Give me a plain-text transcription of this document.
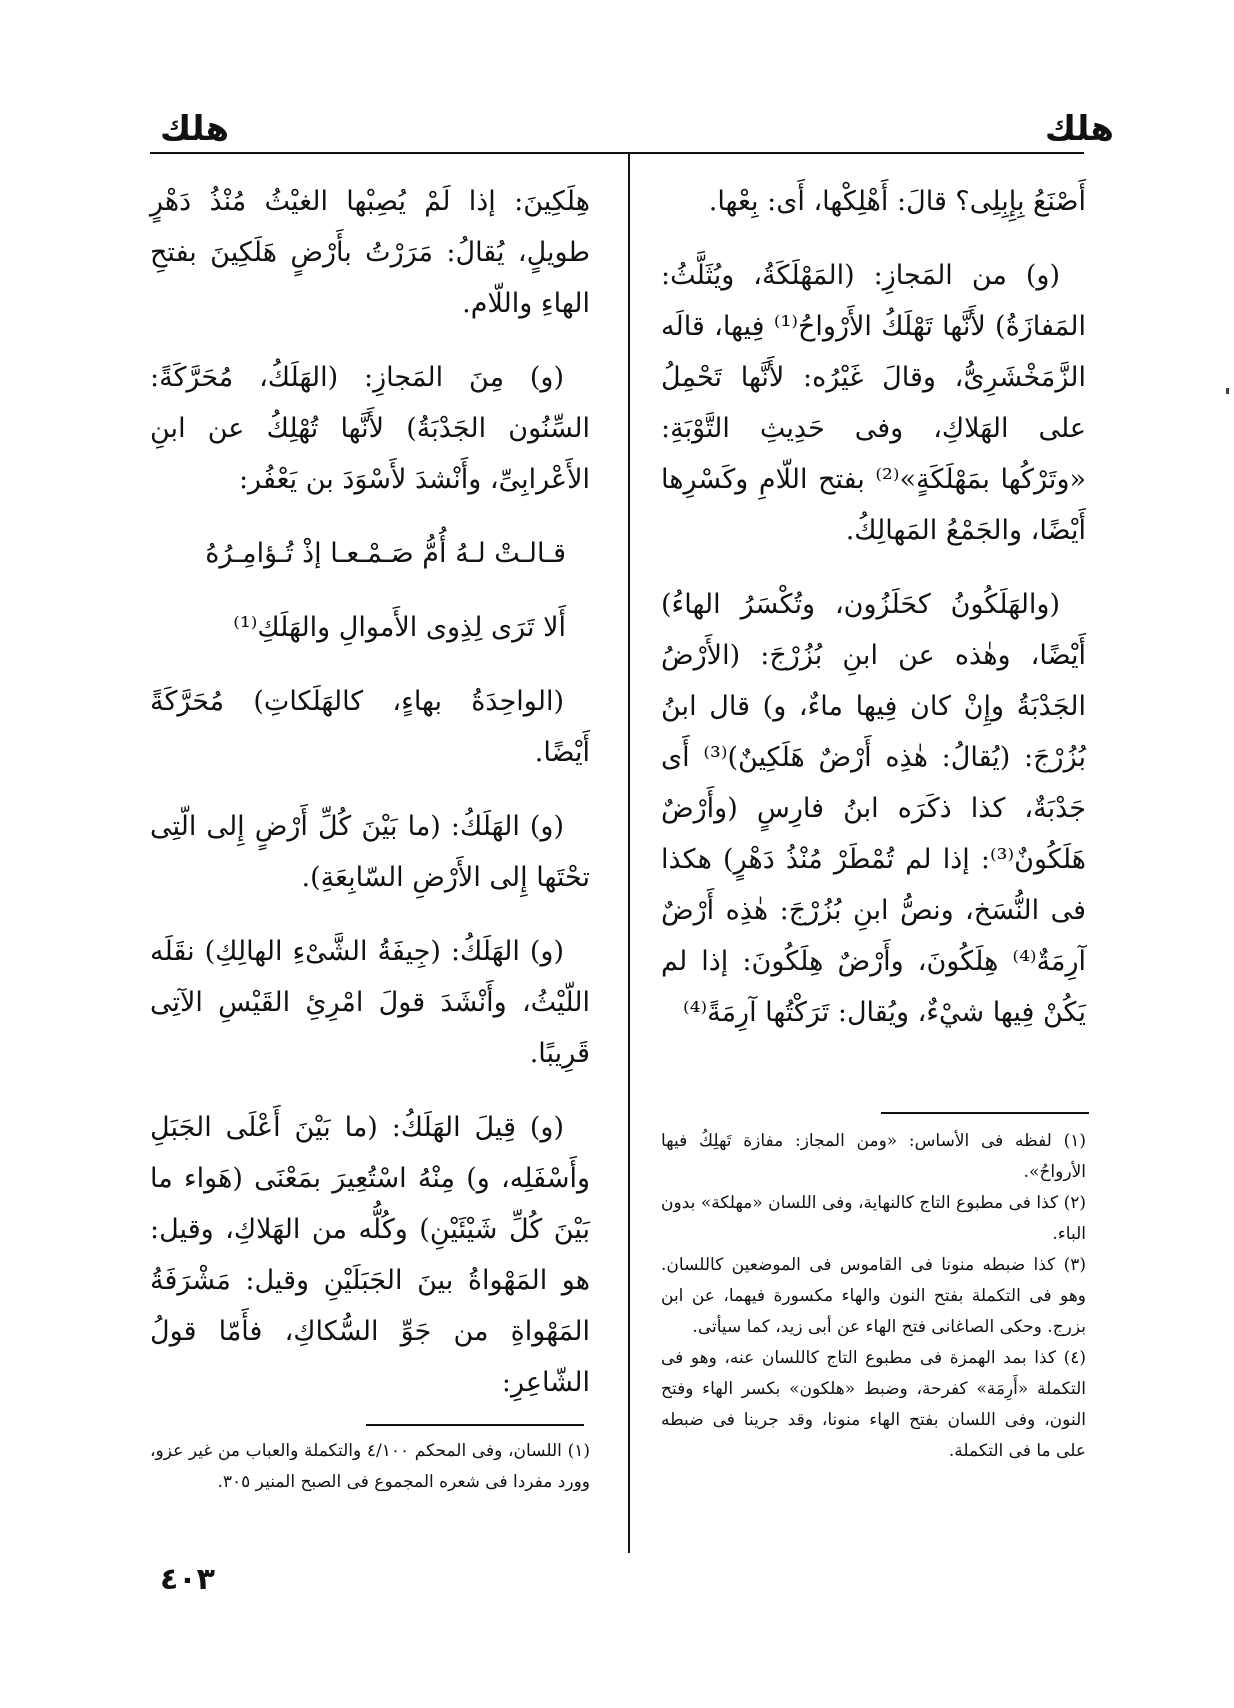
هلك
هلك

أَصْنَعُ بِإِبِلِى؟ قالَ: أَهْلِكْها، أَى: بِعْها.

(و) من المَجازِ: (المَهْلَكَةُ، ويُثَلَّثُ: المَفازَةُ) لأَنَّها تَهْلَكُ الأَرْواحُ⁽¹⁾ فِيها، قالَه الزَّمَخْشَرِىُّ، وقالَ غَيْرُه: لأَنَّها تَحْمِلُ على الهَلاكِ، وفى حَدِيثِ التَّوْبَةِ: «وتَرْكُها بمَهْلَكَةٍ»⁽²⁾ بفتح اللّامِ وكَسْرِها أَيْضًا، والجَمْعُ المَهالِكُ.

(والهَلَكُونُ كحَلَزُون، وتُكْسَرُ الهاءُ) أَيْضًا، وهٰذه عن ابنِ بُزُرْجَ: (الأَرْضُ الجَدْبَةُ وإِنْ كان فِيها ماءٌ، و) قال ابنُ بُزُرْجَ: (يُقالُ: هٰذِه أَرْضٌ هَلَكِينٌ)⁽³⁾ أَى جَدْبَةٌ، كذا ذكَرَه ابنُ فارِسٍ (وأَرْضٌ هَلَكُونٌ⁽³⁾: إذا لم تُمْطَرْ مُنْذُ دَهْرٍ) هكذا فى النُّسَخ، ونصُّ ابنِ بُزُرْجَ: هٰذِه أَرْضٌ آرِمَةٌ⁽⁴⁾ هِلَكُونَ، وأَرْضٌ هِلَكُونَ: إذا لم يَكُنْ فِيها شيْءٌ، ويُقال: تَرَكْتُها آرِمَةً⁽⁴⁾

هِلَكِينَ: إذا لَمْ يُصِبْها الغيْثُ مُنْذُ دَهْرٍ طويلٍ، يُقالُ: مَرَرْتُ بأَرْضٍ هَلَكِينَ بفتحِ الهاءِ واللّام.

(و) مِنَ المَجازِ: (الهَلَكُ، مُحَرَّكَةً: السِّنُون الجَدْبَةُ) لأَنَّها تُهْلِكُ عن ابنِ الأَعْرابِىِّ، وأَنْشدَ لأَسْوَدَ بن يَعْفُر:

قـالـتْ لـهُ أُمُّ صَـمْـعـا إذْ تُـؤامِـرُهُ

أَلا تَرَى لِذِوى الأَموالِ والهَلَكِ⁽¹⁾

(الواحِدَةُ بهاءٍ، كالهَلَكاتِ) مُحَرَّكَةً أَيْضًا.

(و) الهَلَكُ: (ما بَيْنَ كُلِّ أَرْضٍ إِلى الّتِى تحْتَها إِلى الأَرْضِ السّابِعَةِ).

(و) الهَلَكُ: (جِيفَةُ الشَّىْءِ الهالِكِ) نقَلَه اللّيْثُ، وأَنْشَدَ قولَ امْرِئِ القَيْسِ الآتِى قَرِيبًا.

(و) قِيلَ الهَلَكُ: (ما بَيْنَ أَعْلَى الجَبَلِ وأَسْفَلِه، و) مِنْهُ اسْتُعِيرَ بمَعْنَى (هَواء ما بَيْنَ كُلِّ شَيْئَيْنِ) وكُلُّه من الهَلاكِ، وقيل: هو المَهْواةُ بينَ الجَبَلَيْنِ وقيل: مَشْرَفَةُ المَهْواةِ من جَوِّ السُّكاكِ، فأَمّا قولُ الشّاعِرِ:

(١) لفظه فى الأساس: «ومن المجاز: مفازة تَهلِكُ فيها الأرواحُ».

(٢) كذا فى مطبوع التاج كالنهاية، وفى اللسان «مهلكة» بدون الباء.

(٣) كذا ضبطه منونا فى القاموس فى الموضعين كاللسان. وهو فى التكملة بفتح النون والهاء مكسورة فيهما، عن ابن بزرج. وحكى الصاغانى فتح الهاء عن أبى زيد، كما سيأتى.

(٤) كذا بمد الهمزة فى مطبوع التاج كاللسان عنه، وهو فى التكملة «أَرِمَة» كفرحة، وضبط «هلكون» بكسر الهاء وفتح النون، وفى اللسان بفتح الهاء منونا، وقد جرينا فى ضبطه على ما فى التكملة.

(١) اللسان، وفى المحكم ٤/١٠٠ والتكملة والعباب من غير عزو، وورد مفردا فى شعره المجموع فى الصبح المنير ٣٠٥.

٤٠٣
